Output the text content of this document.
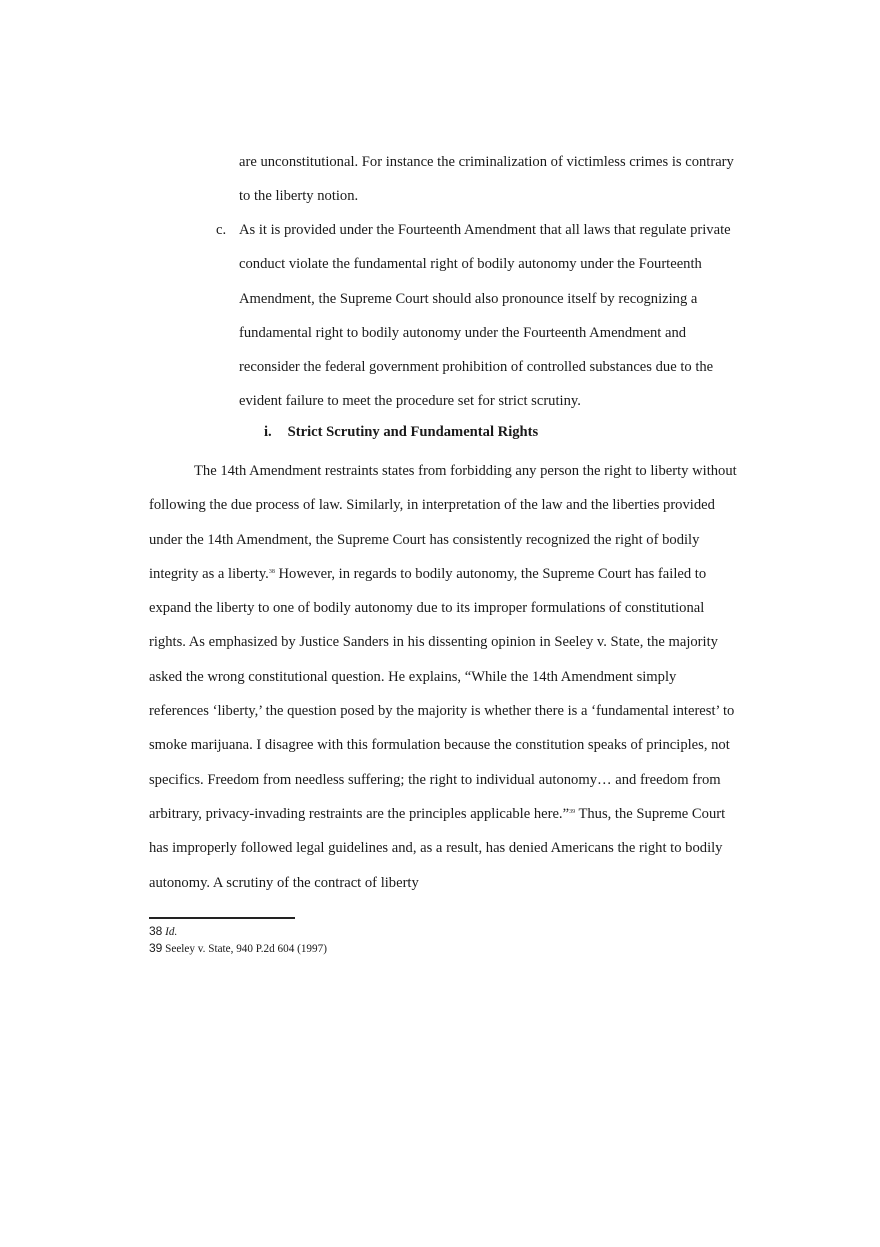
are unconstitutional. For instance the criminalization of victimless crimes is contrary to the liberty notion.

c. As it is provided under the Fourteenth Amendment that all laws that regulate private conduct violate the fundamental right of bodily autonomy under the Fourteenth Amendment, the Supreme Court should also pronounce itself by recognizing a fundamental right to bodily autonomy under the Fourteenth Amendment and reconsider the federal government prohibition of controlled substances due to the evident failure to meet the procedure set for strict scrutiny.

i. Strict Scrutiny and Fundamental Rights

The 14th Amendment restraints states from forbidding any person the right to liberty without following the due process of law. Similarly, in interpretation of the law and the liberties provided under the 14th Amendment, the Supreme Court has consistently recognized the right of bodily integrity as a liberty.$^{38}$ However, in regards to bodily autonomy, the Supreme Court has failed to expand the liberty to one of bodily autonomy due to its improper formulations of constitutional rights. As emphasized by Justice Sanders in his dissenting opinion in Seeley v. State, the majority asked the wrong constitutional question. He explains, “While the 14th Amendment simply references ‘liberty,’ the question posed by the majority is whether there is a ‘fundamental interest’ to smoke marijuana. I disagree with this formulation because the constitution speaks of principles, not specifics. Freedom from needless suffering; the right to individual autonomy… and freedom from arbitrary, privacy-invading restraints are the principles applicable here.”$^{39}$ Thus, the Supreme Court has improperly followed legal guidelines and, as a result, has denied Americans the right to bodily autonomy. A scrutiny of the contract of liberty

38 Id.

39 Seeley v. State, 940 P.2d 604 (1997)
